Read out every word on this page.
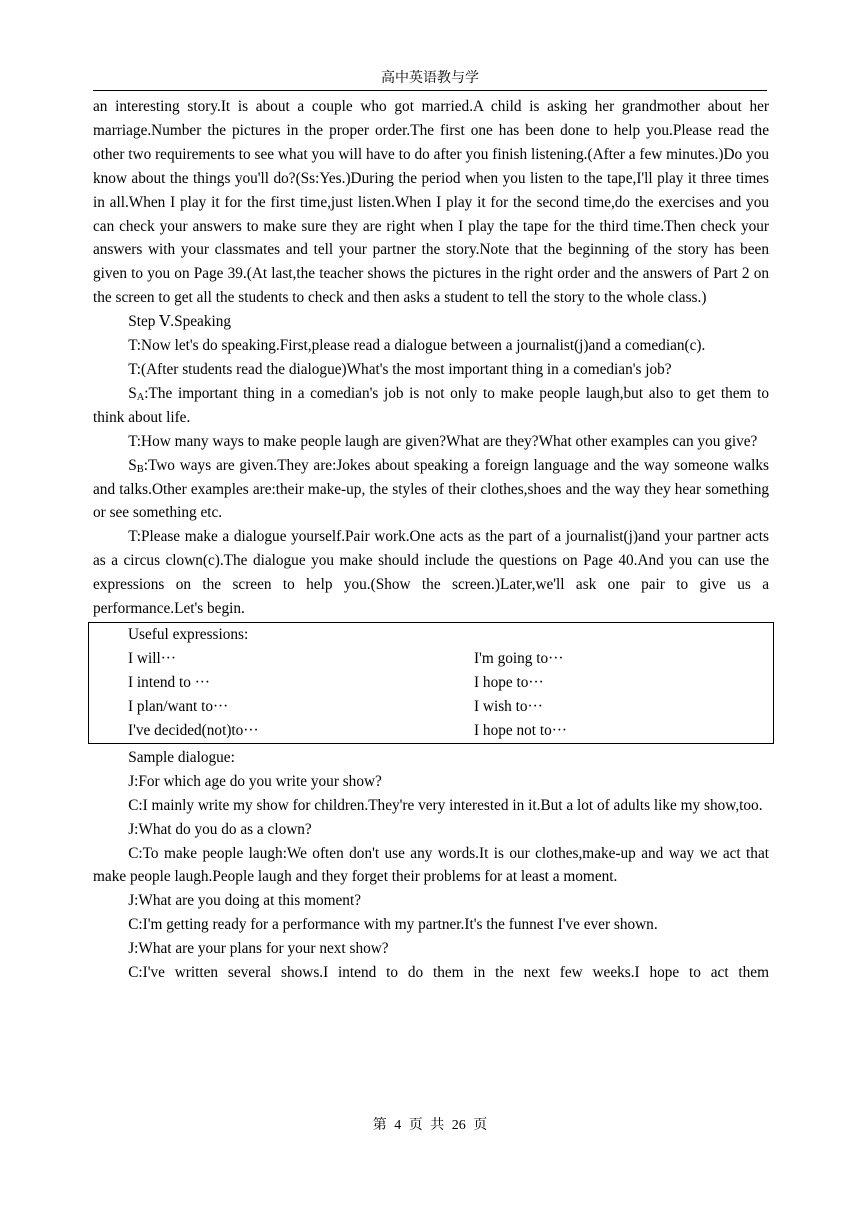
高中英语教与学

an interesting story.It is about a couple who got married.A child is asking her grandmother about her marriage.Number the pictures in the proper order.The first one has been done to help you.Please read the other two requirements to see what you will have to do after you finish listening.(After a few minutes.)Do you know about the things you'll do?(Ss:Yes.)During the period when you listen to the tape,I'll play it three times in all.When I play it for the first time,just listen.When I play it for the second time,do the exercises and you can check your answers to make sure they are right when I play the tape for the third time.Then check your answers with your classmates and tell your partner the story.Note that the beginning of the story has been given to you on Page 39.(At last,the teacher shows the pictures in the right order and the answers of Part 2 on the screen to get all the students to check and then asks a student to tell the story to the whole class.)

Step Ⅴ.Speaking

T:Now let's do speaking.First,please read a dialogue between a journalist(j)and a comedian(c).

T:(After students read the dialogue)What's the most important thing in a comedian's job?

SA:The important thing in a comedian's job is not only to make people laugh,but also to get them to think about life.

T:How many ways to make people laugh are given?What are they?What other examples can you give?

SB:Two ways are given.They are:Jokes about speaking a foreign language and the way someone walks and talks.Other examples are:their make-up, the styles of their clothes,shoes and the way they hear something or see something etc.

T:Please make a dialogue yourself.Pair work.One acts as the part of a journalist(j)and your partner acts as a circus clown(c).The dialogue you make should include the questions on Page 40.And you can use the expressions on the screen to help you.(Show the screen.)Later,we'll ask one pair to give us a performance.Let's begin.

Useful expressions:
I will···	I'm going to···
I intend to ···	I hope to···
I plan/want to···	I wish to···
I've decided(not)to···	I hope not to···

Sample dialogue:

J:For which age do you write your show?

C:I mainly write my show for children.They're very interested in it.But a lot of adults like my show,too.

J:What do you do as a clown?

C:To make people laugh:We often don't use any words.It is our clothes,make-up and way we act that make people laugh.People laugh and they forget their problems for at least a moment.

J:What are you doing at this moment?

C:I'm getting ready for a performance with my partner.It's the funnest I've ever shown.

J:What are your plans for your next show?

C:I've written several shows.I intend to do them in the next few weeks.I hope to act them

第 4 页 共 26 页
